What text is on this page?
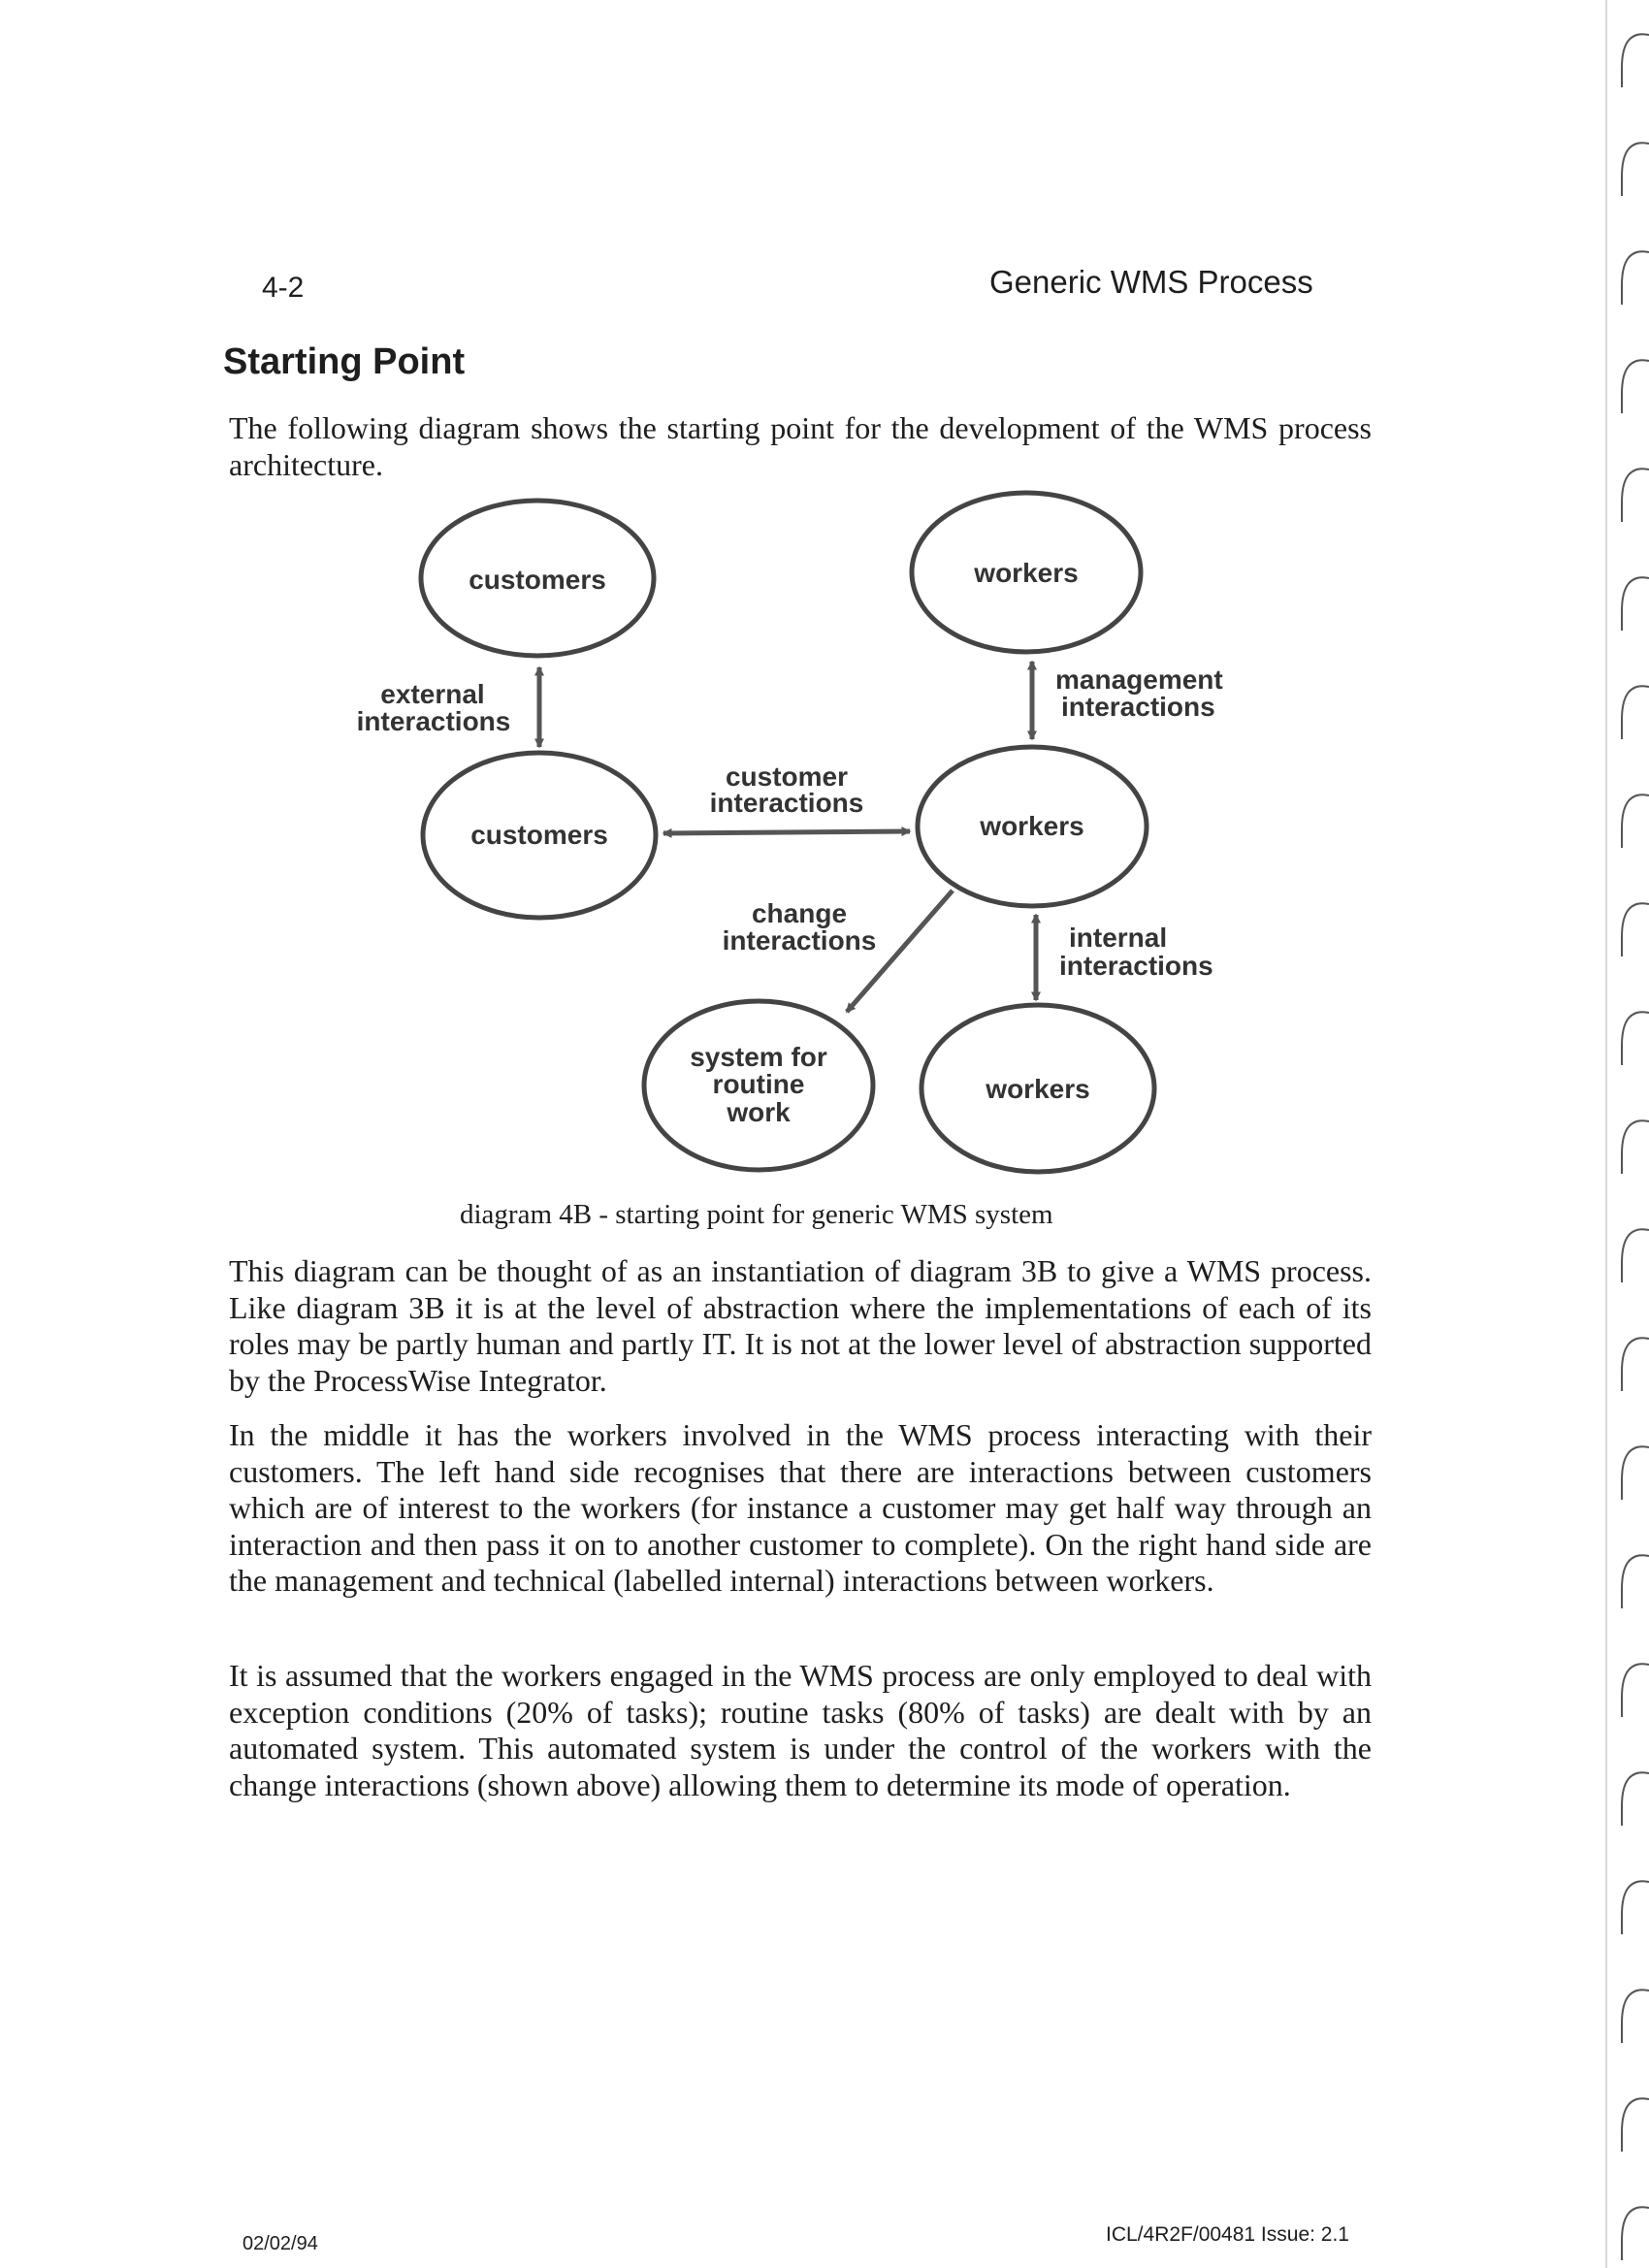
4-2	Generic WMS Process
Starting Point

The following diagram shows the starting point for the development of the WMS process architecture.

customers	workers
customers	workers
system for
routine
work
workers
external
interactions
customer
interactions
change
interactions
management
interactions
internal
interactions
diagram 4B - starting point for generic WMS system

This diagram can be thought of as an instantiation of diagram 3B to give a WMS process. Like diagram 3B it is at the level of abstraction where the implementations of each of its roles may be partly human and partly IT. It is not at the lower level of abstraction supported by the ProcessWise Integrator.

In the middle it has the workers involved in the WMS process interacting with their customers. The left hand side recognises that there are interactions between customers which are of interest to the workers (for instance a customer may get half way through an interaction and then pass it on to another customer to complete). On the right hand side are the management and technical (labelled internal) interactions between workers.

It is assumed that the workers engaged in the WMS process are only employed to deal with exception conditions (20% of tasks); routine tasks (80% of tasks) are dealt with by an automated system. This automated system is under the control of the workers with the change interactions (shown above) allowing them to determine its mode of operation.

02/02/94	ICL/4R2F/00481 Issue: 2.1
